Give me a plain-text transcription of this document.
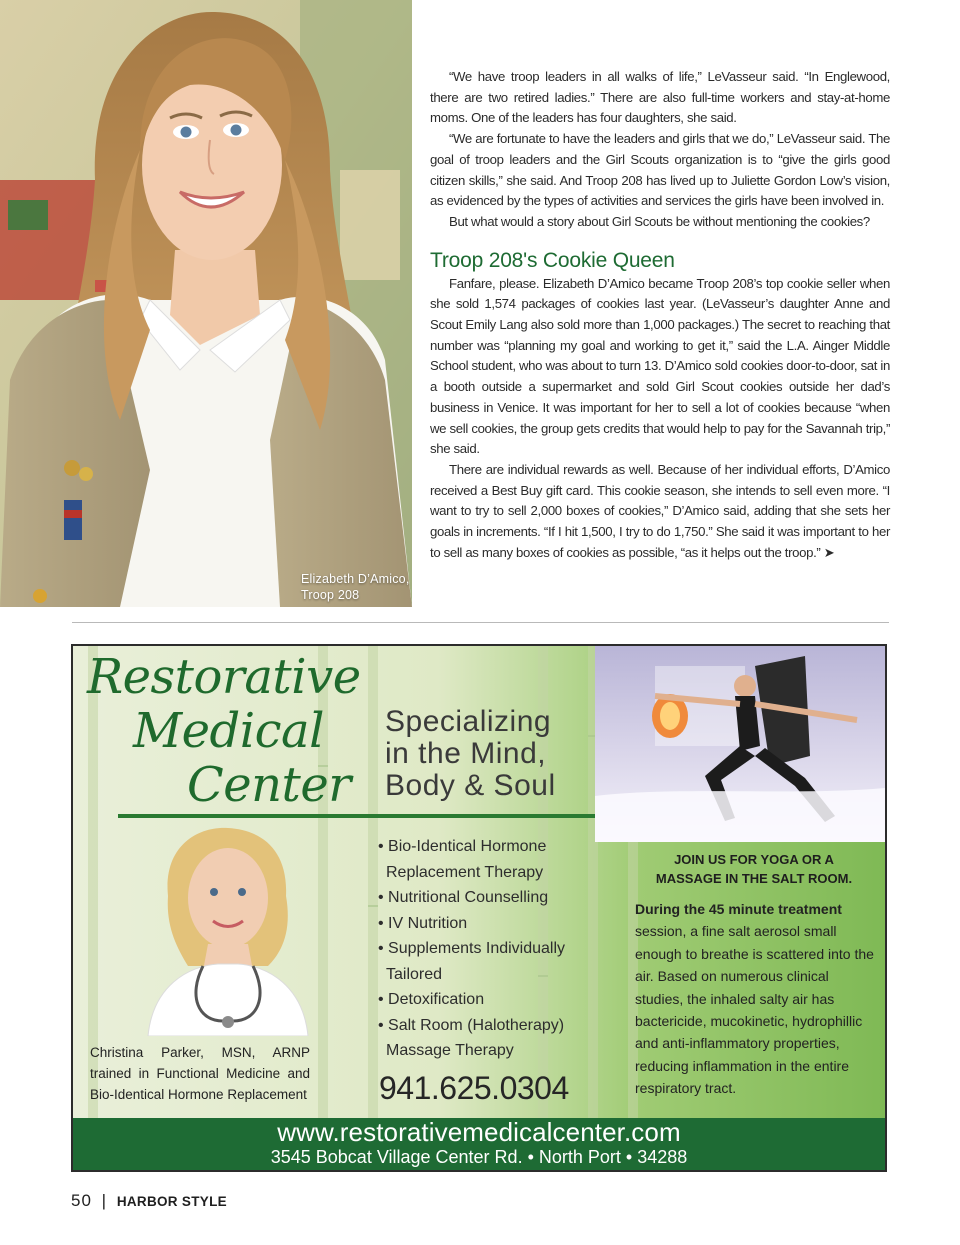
Elizabeth D’Amico,
Troop 208

“We have troop leaders in all walks of life,” LeVasseur said. “In Englewood, there are two retired ladies.” There are also full-time workers and stay-at-home moms. One of the leaders has four daughters, she said.

“We are fortunate to have the leaders and girls that we do,” LeVasseur said. The goal of troop leaders and the Girl Scouts organization is to “give the girls good citizen skills,” she said. And Troop 208 has lived up to Juliette Gordon Low’s vision, as evidenced by the types of activities and services the girls have been involved in.

But what would a story about Girl Scouts be without mentioning the cookies?

Troop 208's Cookie Queen

Fanfare, please. Elizabeth D’Amico became Troop 208’s top cookie seller when she sold 1,574 packages of cookies last year. (LeVasseur’s daughter Anne and Scout Emily Lang also sold more than 1,000 packages.) The secret to reaching that number was “planning my goal and working to get it,” said the L.A. Ainger Middle School student, who was about to turn 13. D’Amico sold cookies door-to-door, sat in a booth outside a supermarket and sold Girl Scout cookies outside her dad’s business in Venice. It was important for her to sell a lot of cookies because “when we sell cookies, the group gets credits that would help to pay for the Savannah trip,” she said.

There are individual rewards as well. Because of her individual efforts, D’Amico received a Best Buy gift card. This cookie season, she intends to sell even more. “I want to try to sell 2,000 boxes of cookies,” D’Amico said, adding that she sets her goals in increments. “If I hit 1,500, I try to do 1,750.” She said it was important to her to sell as many boxes of cookies as possible, “as it helps out the troop.” ➤

Restorative
Medical
Center
Specializing
in the Mind,
Body & Soul
• Bio-Identical Hormone
Replacement Therapy
• Nutritional Counselling
• IV Nutrition
• Supplements Individually
Tailored
• Detoxification
• Salt Room (Halotherapy)
Massage Therapy
941.625.0304
Christina Parker, MSN, ARNP trained in Functional Medicine and Bio-Identical Hormone Replacement
JOIN US FOR YOGA OR A
MASSAGE IN THE SALT ROOM.
During the 45 minute treatment session, a fine salt aerosol small enough to breathe is scattered into the air. Based on numerous clinical studies, the inhaled salty air has bactericide, mucokinetic, hydrophillic and anti-inflammatory properties, reducing inflammation in the entire respiratory tract.
www.restorativemedicalcenter.com
3545 Bobcat Village Center Rd. • North Port • 34288
50 | HARBOR STYLE
